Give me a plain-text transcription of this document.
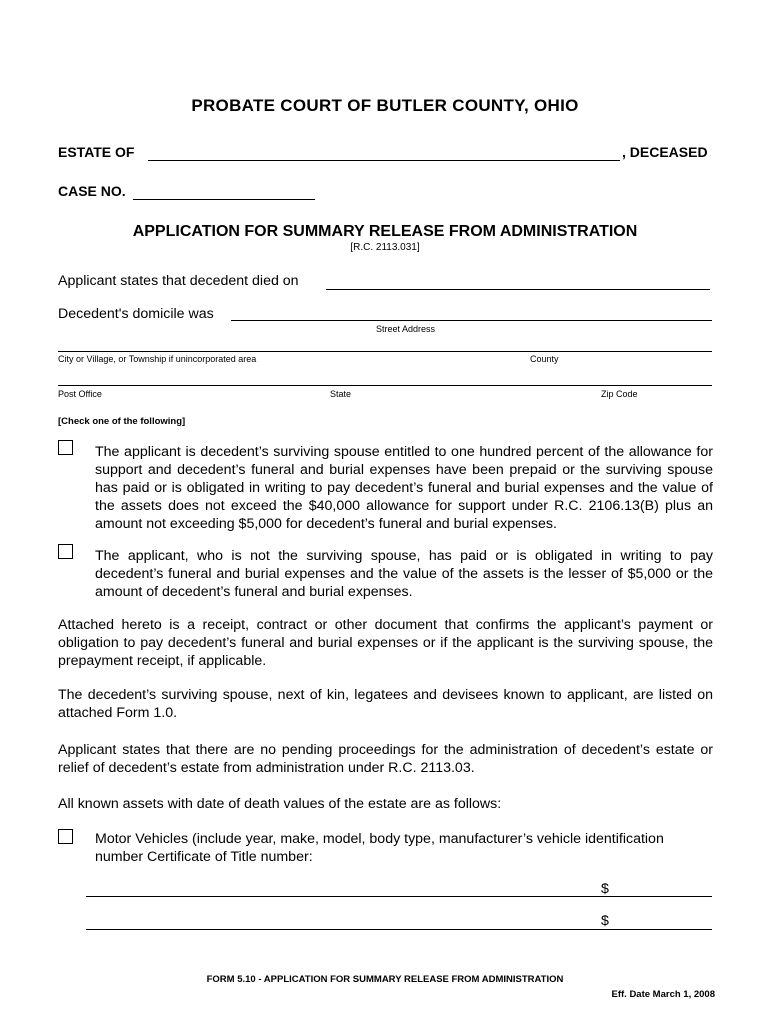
PROBATE COURT OF BUTLER COUNTY, OHIO
ESTATE OF	, DECEASED
CASE NO.
APPLICATION FOR SUMMARY RELEASE FROM ADMINISTRATION
[R.C. 2113.031]
Applicant states that decedent died on
Decedent's domicile was
Street Address
City or Village, or Township if unincorporated area	County
Post Office	State	Zip Code
[Check one of the following]

The applicant is decedent’s surviving spouse entitled to one hundred percent of the allowance for support and decedent’s funeral and burial expenses have been prepaid or the surviving spouse has paid or is obligated in writing to pay decedent’s funeral and burial expenses and the value of the assets does not exceed the $40,000 allowance for support under R.C. 2106.13(B) plus an amount not exceeding $5,000 for decedent’s funeral and burial expenses.

The applicant, who is not the surviving spouse, has paid or is obligated in writing to pay decedent’s funeral and burial expenses and the value of the assets is the lesser of $5,000 or the amount of decedent’s funeral and burial expenses.

Attached hereto is a receipt, contract or other document that confirms the applicant’s payment or obligation to pay decedent’s funeral and burial expenses or if the applicant is the surviving spouse, the prepayment receipt, if applicable.

The decedent’s surviving spouse, next of kin, legatees and devisees known to applicant, are listed on attached Form 1.0.

Applicant states that there are no pending proceedings for the administration of decedent’s estate or relief of decedent’s estate from administration under R.C. 2113.03.

All known assets with date of death values of the estate are as follows:

Motor Vehicles (include year, make, model, body type, manufacturer’s vehicle identification number Certificate of Title number:

$
$
FORM 5.10 - APPLICATION FOR SUMMARY RELEASE FROM ADMINISTRATION
Eff. Date March 1, 2008
